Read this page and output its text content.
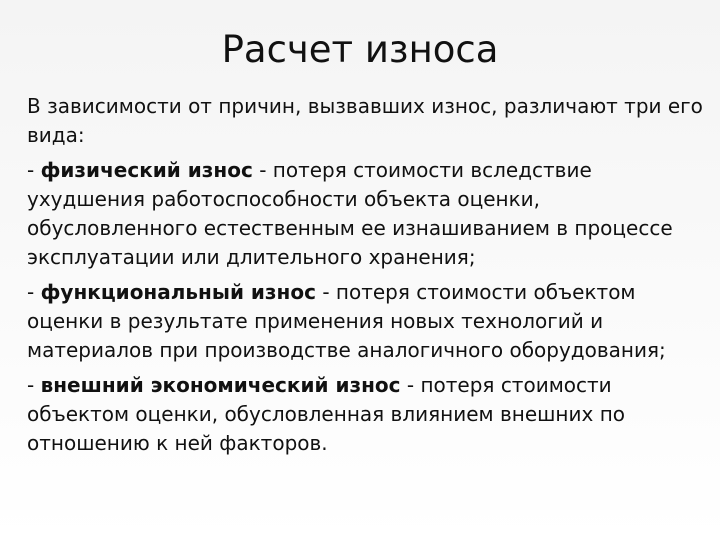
Расчет износа

В зависимости от причин, вызвавших износ, различают три его вида:

- физический износ - потеря стоимости вследствие ухудшения работоспособности объекта оценки, обусловленного естественным ее изнашиванием в процессе эксплуатации или длительного хранения;

- функциональный износ - потеря стоимости объектом оценки в результате применения новых технологий и материалов при производстве аналогичного оборудования;

- внешний экономический износ - потеря стоимости объектом оценки, обусловленная влиянием внешних по отношению к ней факторов.
